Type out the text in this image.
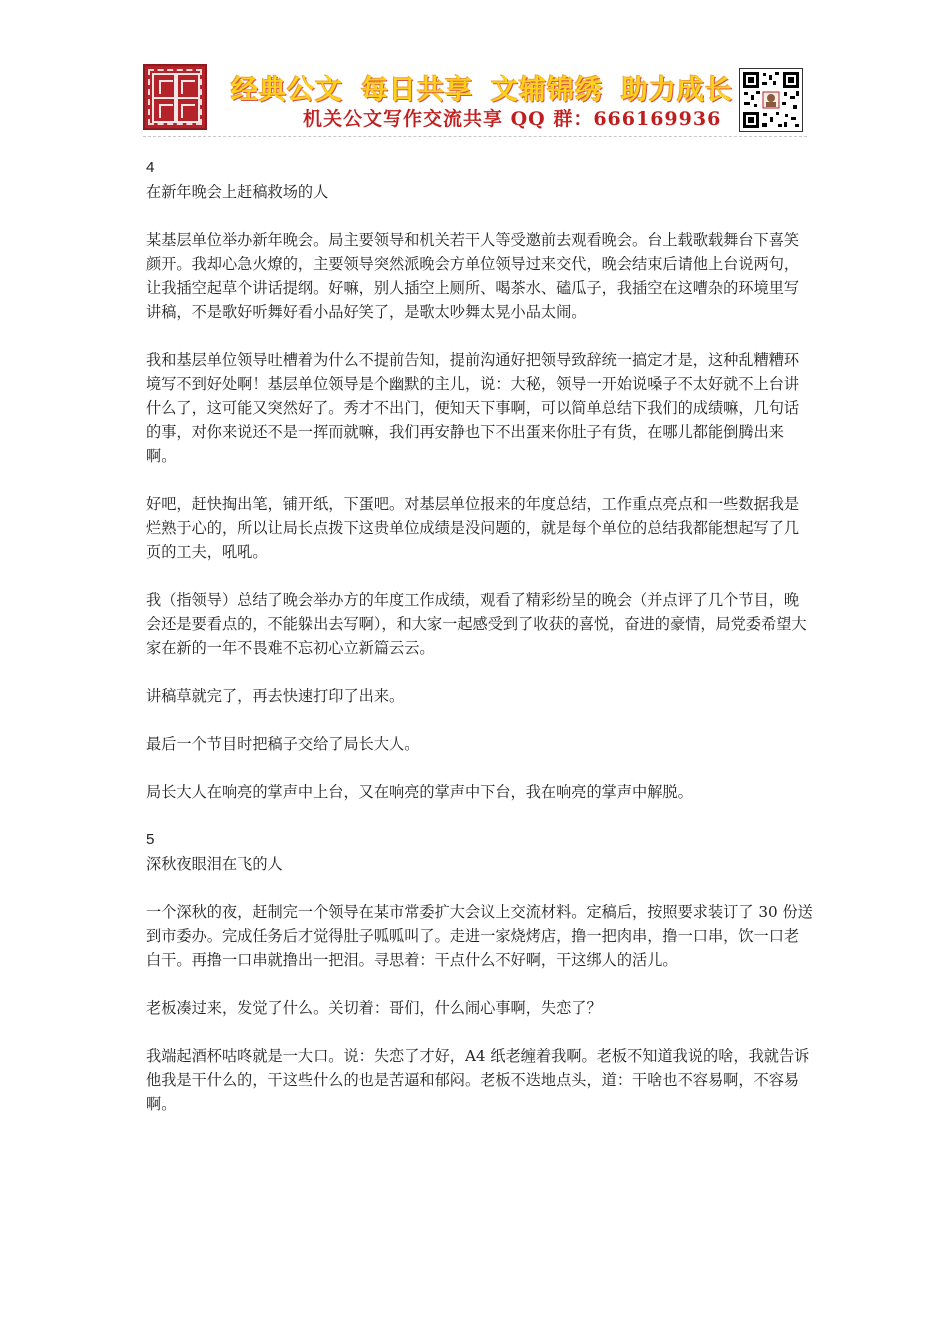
经典公文 每日共享 文辅锦绣 助力成长
机关公文写作交流共享 QQ 群：666169936

4

在新年晚会上赶稿救场的人

某基层单位举办新年晚会。局主要领导和机关若干人等受邀前去观看晚会。台上载歌载舞台下喜笑颜开。我却心急火燎的，主要领导突然派晚会方单位领导过来交代，晚会结束后请他上台说两句，让我插空起草个讲话提纲。好嘛，别人插空上厕所、喝茶水、磕瓜子，我插空在这嘈杂的环境里写讲稿，不是歌好听舞好看小品好笑了，是歌太吵舞太晃小品太闹。

我和基层单位领导吐槽着为什么不提前告知，提前沟通好把领导致辞统一搞定才是，这种乱糟糟环境写不到好处啊！基层单位领导是个幽默的主儿，说：大秘，领导一开始说嗓子不太好就不上台讲什么了，这可能又突然好了。秀才不出门，便知天下事啊，可以简单总结下我们的成绩嘛，几句话的事，对你来说还不是一挥而就嘛，我们再安静也下不出蛋来你肚子有货，在哪儿都能倒腾出来啊。

好吧，赶快掏出笔，铺开纸，下蛋吧。对基层单位报来的年度总结，工作重点亮点和一些数据我是烂熟于心的，所以让局长点拨下这贵单位成绩是没问题的，就是每个单位的总结我都能想起写了几页的工夫，吼吼。

我（指领导）总结了晚会举办方的年度工作成绩，观看了精彩纷呈的晚会（并点评了几个节目，晚会还是要看点的，不能躲出去写啊），和大家一起感受到了收获的喜悦，奋进的豪情，局党委希望大家在新的一年不畏难不忘初心立新篇云云。

讲稿草就完了，再去快速打印了出来。

最后一个节目时把稿子交给了局长大人。

局长大人在响亮的掌声中上台，又在响亮的掌声中下台，我在响亮的掌声中解脱。

5

深秋夜眼泪在飞的人

一个深秋的夜，赶制完一个领导在某市常委扩大会议上交流材料。定稿后，按照要求装订了 30 份送到市委办。完成任务后才觉得肚子呱呱叫了。走进一家烧烤店，撸一把肉串，撸一口串，饮一口老白干。再撸一口串就撸出一把泪。寻思着：干点什么不好啊，干这绑人的活儿。

老板凑过来，发觉了什么。关切着：哥们，什么闹心事啊，失恋了？

我端起酒杯咕咚就是一大口。说：失恋了才好，A4 纸老缠着我啊。老板不知道我说的啥，我就告诉他我是干什么的，干这些什么的也是苦逼和郁闷。老板不迭地点头，道：干啥也不容易啊，不容易啊。
